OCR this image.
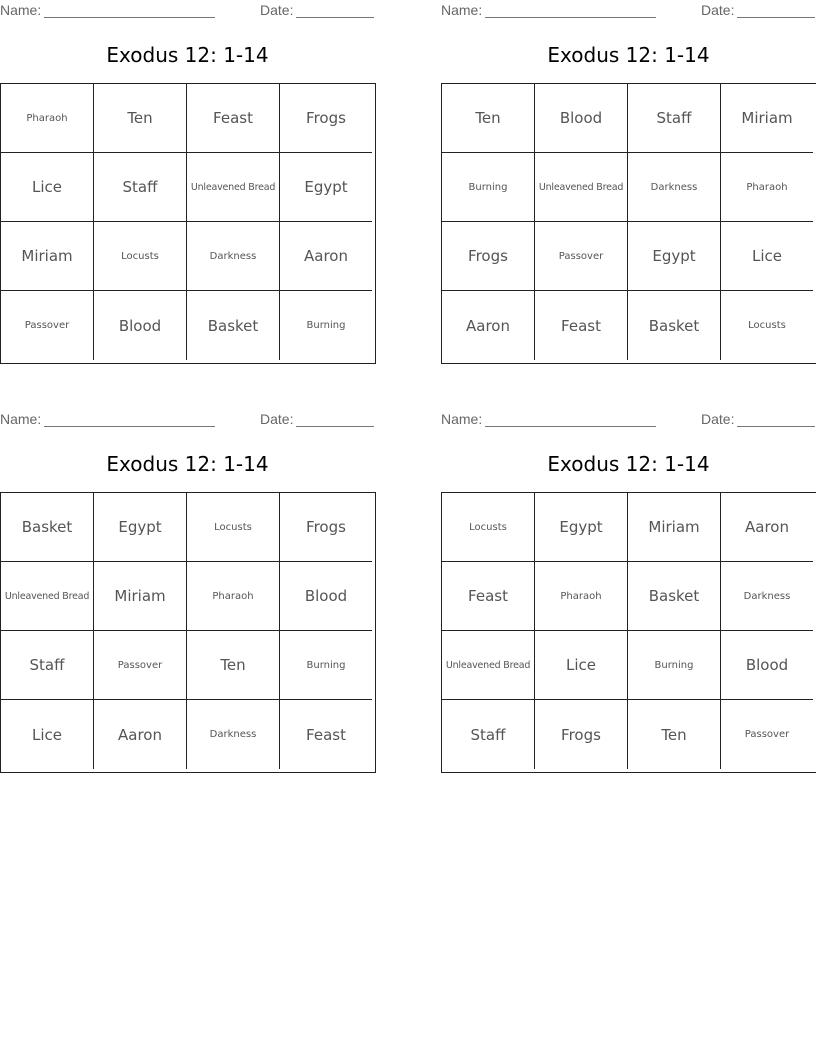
Name:	Date:
Exodus 12: 1-14
Pharaoh	Ten	Feast	Frogs
Lice	Staff	Unleavened Bread	Egypt
Miriam	Locusts	Darkness	Aaron
Passover	Blood	Basket	Burning
Name:	Date:
Exodus 12: 1-14
Ten	Blood	Staff	Miriam
Burning	Unleavened Bread	Darkness	Pharaoh
Frogs	Passover	Egypt	Lice
Aaron	Feast	Basket	Locusts
Name:	Date:
Exodus 12: 1-14
Basket	Egypt	Locusts	Frogs
Unleavened Bread	Miriam	Pharaoh	Blood
Staff	Passover	Ten	Burning
Lice	Aaron	Darkness	Feast
Name:	Date:
Exodus 12: 1-14
Locusts	Egypt	Miriam	Aaron
Feast	Pharaoh	Basket	Darkness
Unleavened Bread	Lice	Burning	Blood
Staff	Frogs	Ten	Passover
